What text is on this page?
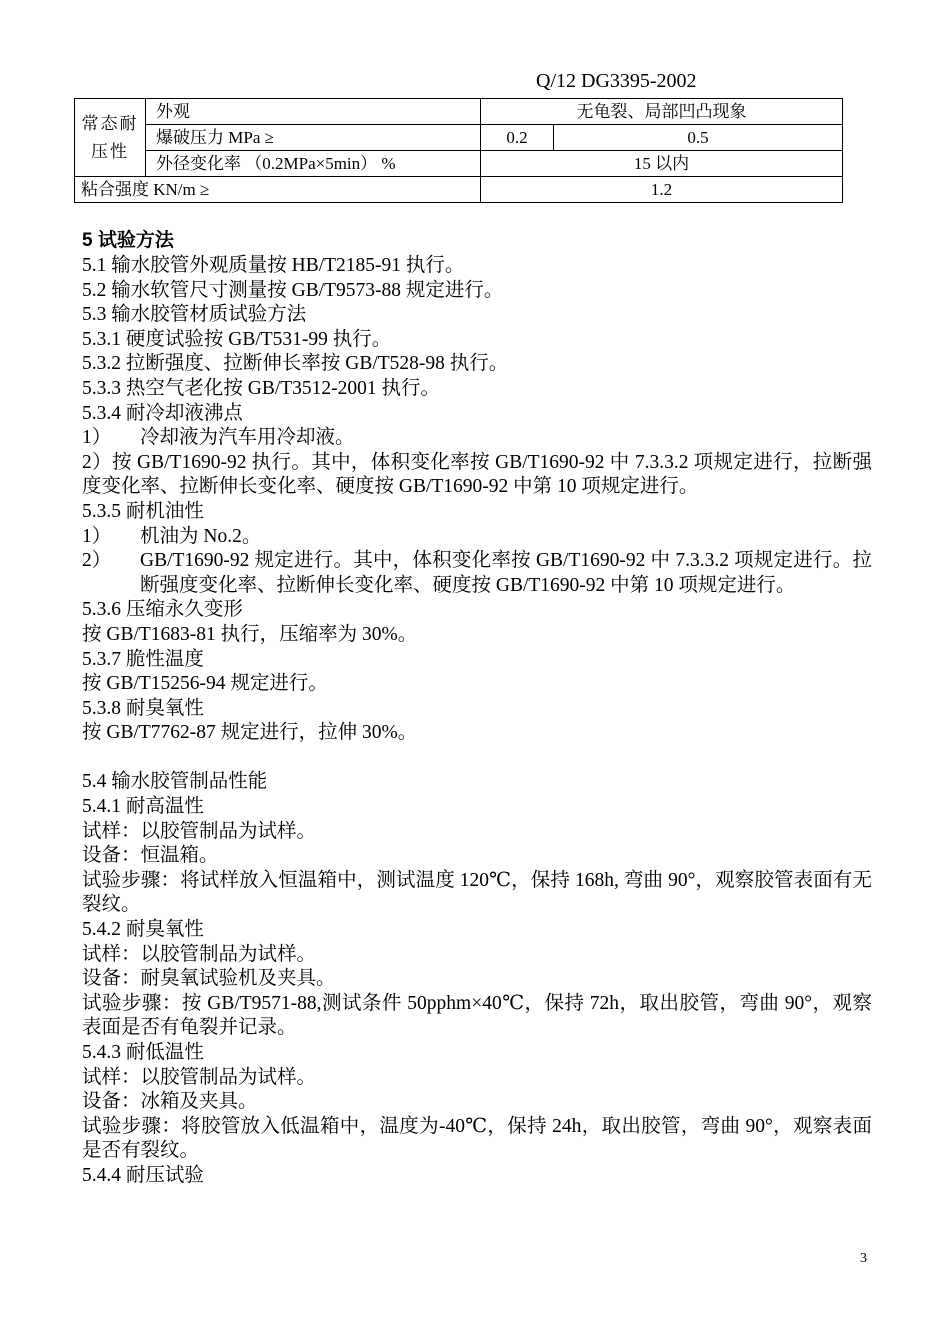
Q/12 DG3395-2002
常态耐压性	外观	无龟裂、局部凹凸现象	
	爆破压力 MPa ≥	0.2	0.5
	外径变化率 （0.2MPa×5min） %	15 以内	
粘合强度 KN/m ≥		1.2	

5 试验方法

5.1 输水胶管外观质量按 HB/T2185-91 执行。

5.2 输水软管尺寸测量按 GB/T9573-88 规定进行。

5.3 输水胶管材质试验方法

5.3.1 硬度试验按 GB/T531-99 执行。

5.3.2 拉断强度、拉断伸长率按 GB/T528-98 执行。

5.3.3 热空气老化按 GB/T3512-2001 执行。

5.3.4 耐冷却液沸点

1）	冷却液为汽车用冷却液。

2）按 GB/T1690-92 执行。其中，体积变化率按 GB/T1690-92 中 7.3.3.2 项规定进行，拉断强度变化率、拉断伸长变化率、硬度按 GB/T1690-92 中第 10 项规定进行。

5.3.5 耐机油性

1）	机油为 No.2。
2）	GB/T1690-92 规定进行。其中，体积变化率按 GB/T1690-92 中 7.3.3.2 项规定进行。拉断强度变化率、拉断伸长变化率、硬度按 GB/T1690-92 中第 10 项规定进行。

5.3.6 压缩永久变形

按 GB/T1683-81 执行，压缩率为 30%。

5.3.7 脆性温度

按 GB/T15256-94 规定进行。

5.3.8 耐臭氧性

按 GB/T7762-87 规定进行，拉伸 30%。

5.4 输水胶管制品性能

5.4.1 耐高温性

试样：以胶管制品为试样。

设备：恒温箱。

试验步骤：将试样放入恒温箱中，测试温度 120℃，保持 168h, 弯曲 90°，观察胶管表面有无裂纹。

5.4.2 耐臭氧性

试样：以胶管制品为试样。

设备：耐臭氧试验机及夹具。

试验步骤：按 GB/T9571-88,测试条件 50pphm×40℃，保持 72h，取出胶管，弯曲 90°，观察表面是否有龟裂并记录。

5.4.3 耐低温性

试样：以胶管制品为试样。

设备：冰箱及夹具。

试验步骤：将胶管放入低温箱中，温度为-40℃，保持 24h，取出胶管，弯曲 90°，观察表面是否有裂纹。

5.4.4 耐压试验

3
